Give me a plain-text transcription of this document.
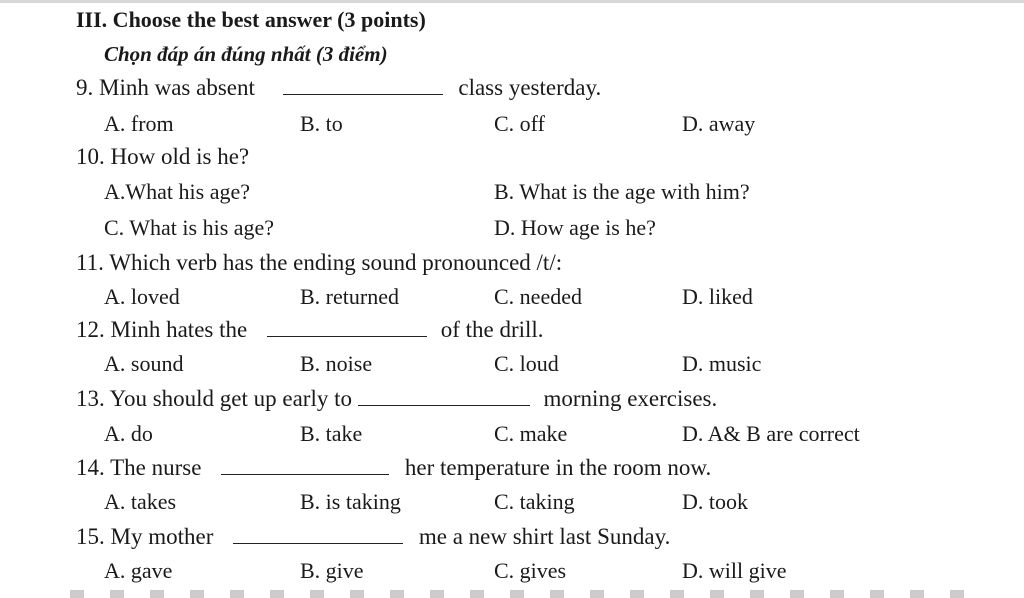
III. Choose the best answer (3 points)
Chọn đáp án đúng nhất (3 điểm)
9. Minh was absent	class yesterday.
A. from	B. to	C. off	D. away
10. How old is he?
A.What his age?	B. What is the age with him?
C. What is his age?	D. How age is he?
11. Which verb has the ending sound pronounced /t/:
A. loved	B. returned	C. needed	D. liked
12. Minh hates the	of the drill.
A. sound	B. noise	C. loud	D. music
13. You should get up early to	morning exercises.
A. do	B. take	C. make	D. A& B are correct
14. The nurse	her temperature in the room now.
A. takes	B. is taking	C. taking	D. took
15. My mother	me a new shirt last Sunday.
A. gave	B. give	C. gives	D. will give
